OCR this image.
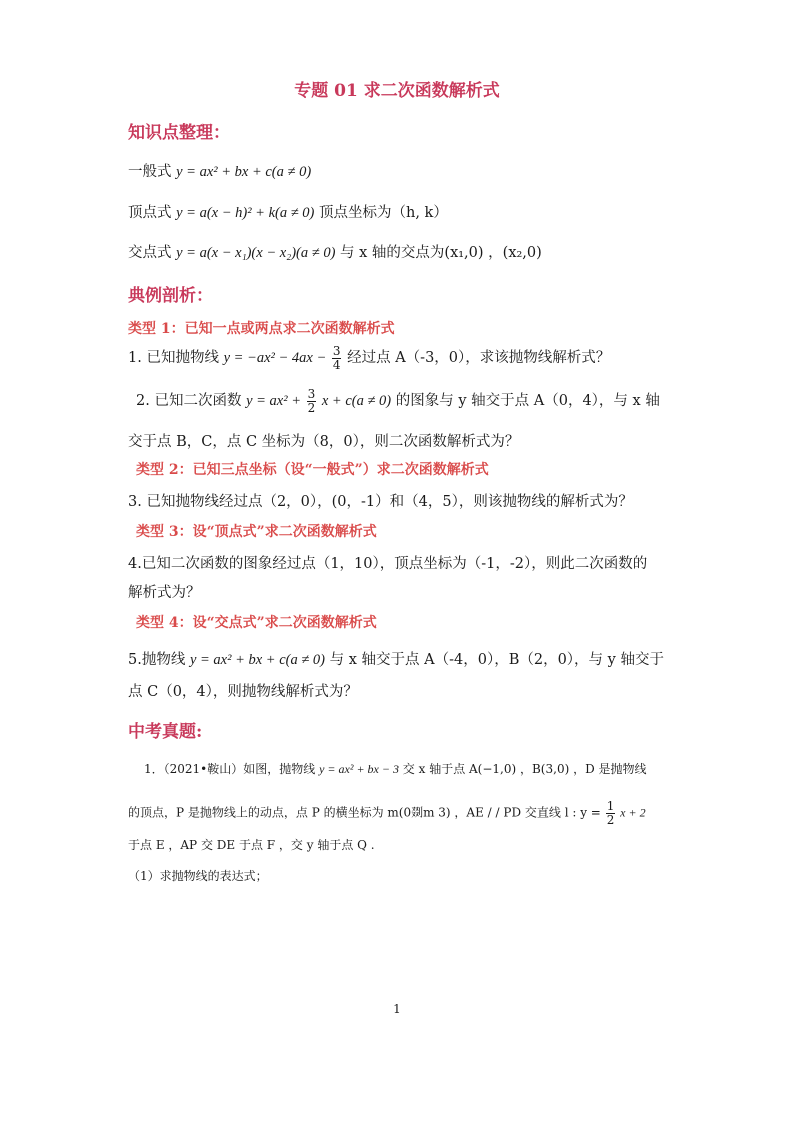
专题 01 求二次函数解析式
知识点整理：
一般式 y = ax² + bx + c(a ≠ 0)
顶点式 y = a(x − h)² + k(a ≠ 0) 顶点坐标为（h, k）
交点式 y = a(x − x₁)(x − x₂)(a ≠ 0) 与 x 轴的交点为(x₁,0) ，(x₂,0)
典例剖析：
类型 1：已知一点或两点求二次函数解析式
1. 已知抛物线 $y = -ax^2 - 4ax - \frac{3}{4}$ 经过点 A（-3，0），求该抛物线解析式？
2. 已知二次函数 $y = ax^2 + \frac{3}{2}$ x + c(a ≠ 0) 的图象与 y 轴交于点 A（0，4），与 x 轴
交于点 B，C，点 C 坐标为（8，0），则二次函数解析式为？
类型 2：已知三点坐标（设“一般式”）求二次函数解析式
3. 已知抛物线经过点（2，0），(0，-1）和（4，5），则该抛物线的解析式为？
类型 3：设“顶点式”求二次函数解析式
4.已知二次函数的图象经过点（1，10），顶点坐标为（-1，-2），则此二次函数的
解析式为？
类型 4：设“交点式”求二次函数解析式
5.抛物线 y = ax² + bx + c(a ≠ 0) 与 x 轴交于点 A（-4，0），B（2，0），与 y 轴交于
点 C（0，4），则抛物线解析式为？
中考真题:
1．（2021•鞍山）如图，抛物线 y = ax² + bx − 3 交 x 轴于点 A(−1,0) ，B(3,0) ，D 是抛物线
的顶点，P 是抛物线上的动点，点 P 的横坐标为 m(0剟m 3) ，AE / / PD 交直线 l : $y = \frac{1}{2}$ x + 2
于点 E ，AP 交 DE 于点 F ，交 y 轴于点 Q .
（1）求抛物线的表达式；
1
